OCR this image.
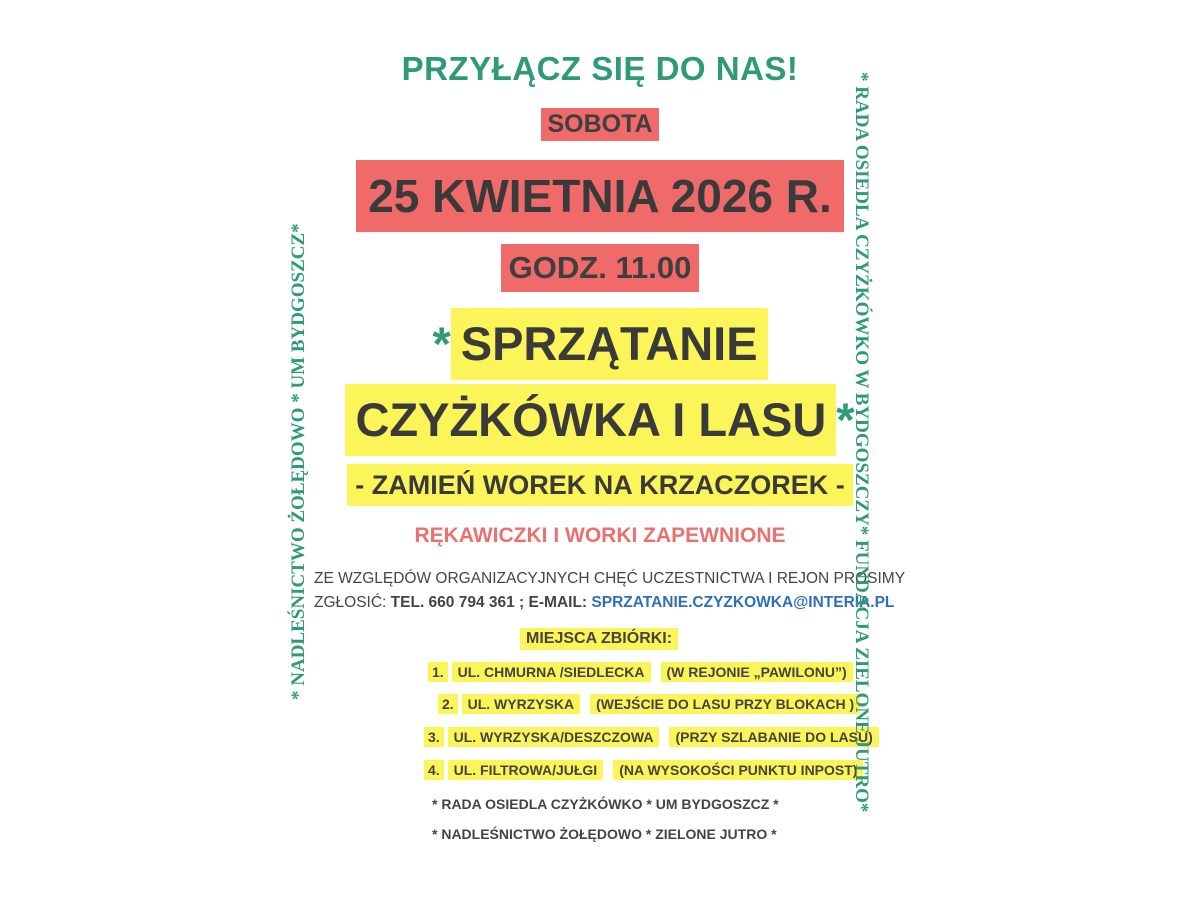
PRZYŁĄCZ SIĘ DO NAS!
SOBOTA
25 KWIETNIA 2026 R.
GODZ. 11.00
* SPRZĄTANIE
CZYŻKÓWKA I LASU *
- ZAMIEŃ WOREK NA KRZACZOREK -
RĘKAWICZKI I WORKI ZAPEWNIONE
ZE WZGLĘDÓW ORGANIZACYJNYCH CHĘĆ UCZESTNICTWA I REJON PROSIMY
ZGŁOSIĆ: TEL. 660 794 361 ; E-MAIL: SPRZATANIE.CZYZKOWKA@INTERIA.PL
MIEJSCA ZBIÓRKI:
1. UL. CHMURNA /SIEDLECKA (W REJONIE „PAWILONU”)
2. UL. WYRZYSKA (WEJŚCIE DO LASU PRZY BLOKACH )
3. UL. WYRZYSKA/DESZCZOWA (PRZY SZLABANIE DO LASU)
4. UL. FILTROWA/JUŁGI (NA WYSOKOŚCI PUNKTU INPOST)
* RADA OSIEDLA CZYŻKÓWKO * UM BYDGOSZCZ *
* NADLEŚNICTWO ŻOŁĘDOWO * ZIELONE JUTRO *
* NADLEŚNICTWO ŻOŁĘDOWO * UM BYDGOSZCZ*	* RADA OSIEDLA CZYŻKÓWKO W BYDGOSZCZY* FUNDACJA ZIELONE JUTRO*
